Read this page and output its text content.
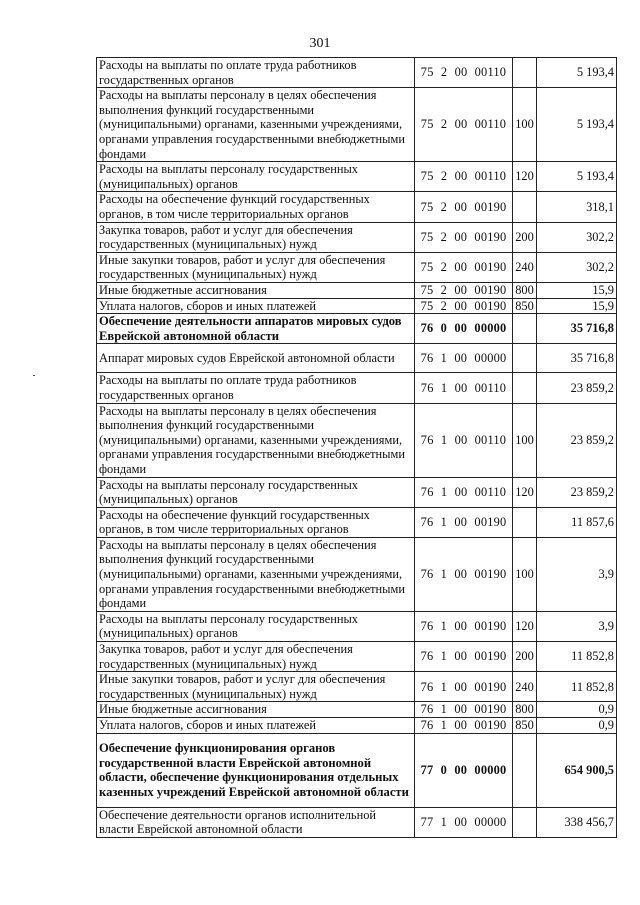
301
Расходы на выплаты по оплате труда работников государственных органов	75 2 00 00110		5 193,4
Расходы на выплаты персоналу в целях обеспечения выполнения функций государственными (муниципальными) органами, казенными учреждениями, органами управления государственными внебюджетными фондами	75 2 00 00110	100	5 193,4
Расходы на выплаты персоналу государственных (муниципальных) органов	75 2 00 00110	120	5 193,4
Расходы на обеспечение функций государственных органов, в том числе территориальных органов	75 2 00 00190		318,1
Закупка товаров, работ и услуг для обеспечения государственных (муниципальных) нужд	75 2 00 00190	200	302,2
Иные закупки товаров, работ и услуг для обеспечения государственных (муниципальных) нужд	75 2 00 00190	240	302,2
Иные бюджетные ассигнования	75 2 00 00190	800	15,9
Уплата налогов, сборов и иных платежей	75 2 00 00190	850	15,9
Обеспечение деятельности аппаратов мировых судов Еврейской автономной области	76 0 00 00000		35 716,8
Аппарат мировых судов Еврейской автономной области	76 1 00 00000		35 716,8
Расходы на выплаты по оплате труда работников государственных органов	76 1 00 00110		23 859,2
Расходы на выплаты персоналу в целях обеспечения выполнения функций государственными (муниципальными) органами, казенными учреждениями, органами управления государственными внебюджетными фондами	76 1 00 00110	100	23 859,2
Расходы на выплаты персоналу государственных (муниципальных) органов	76 1 00 00110	120	23 859,2
Расходы на обеспечение функций государственных органов, в том числе территориальных органов	76 1 00 00190		11 857,6
Расходы на выплаты персоналу в целях обеспечения выполнения функций государственными (муниципальными) органами, казенными учреждениями, органами управления государственными внебюджетными фондами	76 1 00 00190	100	3,9
Расходы на выплаты персоналу государственных (муниципальных) органов	76 1 00 00190	120	3,9
Закупка товаров, работ и услуг для обеспечения государственных (муниципальных) нужд	76 1 00 00190	200	11 852,8
Иные закупки товаров, работ и услуг для обеспечения государственных (муниципальных) нужд	76 1 00 00190	240	11 852,8
Иные бюджетные ассигнования	76 1 00 00190	800	0,9
Уплата налогов, сборов и иных платежей	76 1 00 00190	850	0,9
Обеспечение функционирования органов государственной власти Еврейской автономной области, обеспечение функционирования отдельных казенных учреждений Еврейской автономной области	77 0 00 00000		654 900,5
Обеспечение деятельности органов исполнительной власти Еврейской автономной области	77 1 00 00000		338 456,7
